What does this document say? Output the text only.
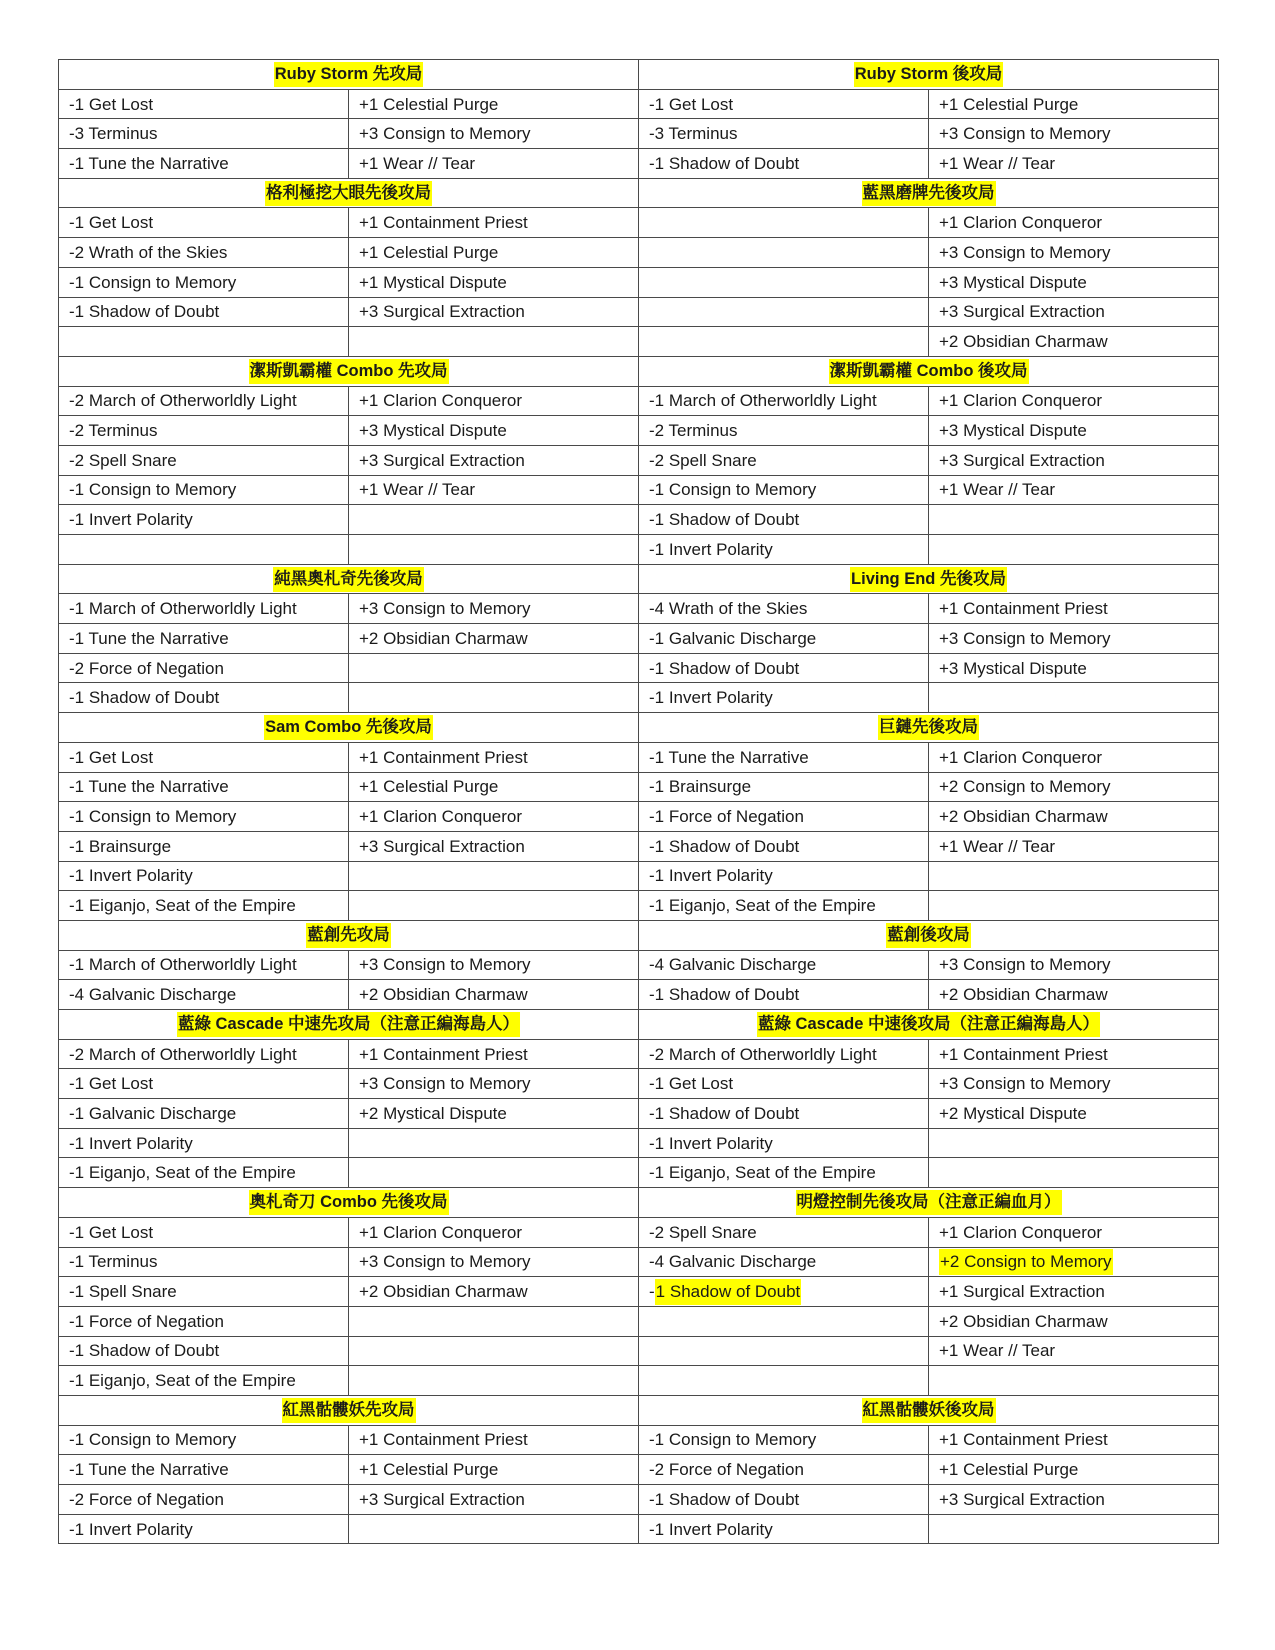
Ruby Storm 先攻局		Ruby Storm 後攻局	
-1 Get Lost	+1 Celestial Purge	-1 Get Lost	+1 Celestial Purge
-3 Terminus	+3 Consign to Memory	-3 Terminus	+3 Consign to Memory
-1 Tune the Narrative	+1 Wear // Tear	-1 Shadow of Doubt	+1 Wear // Tear
格利極挖大眼先後攻局		藍黑磨牌先後攻局	
-1 Get Lost	+1 Containment Priest		+1 Clarion Conqueror
-2 Wrath of the Skies	+1 Celestial Purge		+3 Consign to Memory
-1 Consign to Memory	+1 Mystical Dispute		+3 Mystical Dispute
-1 Shadow of Doubt	+3 Surgical Extraction		+3 Surgical Extraction
			+2 Obsidian Charmaw
潔斯凱霸權 Combo 先攻局		潔斯凱霸權 Combo 後攻局	
-2 March of Otherworldly Light	+1 Clarion Conqueror	-1 March of Otherworldly Light	+1 Clarion Conqueror
-2 Terminus	+3 Mystical Dispute	-2 Terminus	+3 Mystical Dispute
-2 Spell Snare	+3 Surgical Extraction	-2 Spell Snare	+3 Surgical Extraction
-1 Consign to Memory	+1 Wear // Tear	-1 Consign to Memory	+1 Wear // Tear
-1 Invert Polarity		-1 Shadow of Doubt	
		-1 Invert Polarity	
純黑奧札奇先後攻局		Living End 先後攻局	
-1 March of Otherworldly Light	+3 Consign to Memory	-4 Wrath of the Skies	+1 Containment Priest
-1 Tune the Narrative	+2 Obsidian Charmaw	-1 Galvanic Discharge	+3 Consign to Memory
-2 Force of Negation		-1 Shadow of Doubt	+3 Mystical Dispute
-1 Shadow of Doubt		-1 Invert Polarity	
Sam Combo 先後攻局		巨鏈先後攻局	
-1 Get Lost	+1 Containment Priest	-1 Tune the Narrative	+1 Clarion Conqueror
-1 Tune the Narrative	+1 Celestial Purge	-1 Brainsurge	+2 Consign to Memory
-1 Consign to Memory	+1 Clarion Conqueror	-1 Force of Negation	+2 Obsidian Charmaw
-1 Brainsurge	+3 Surgical Extraction	-1 Shadow of Doubt	+1 Wear // Tear
-1 Invert Polarity		-1 Invert Polarity	
-1 Eiganjo, Seat of the Empire		-1 Eiganjo, Seat of the Empire	
藍創先攻局		藍創後攻局	
-1 March of Otherworldly Light	+3 Consign to Memory	-4 Galvanic Discharge	+3 Consign to Memory
-4 Galvanic Discharge	+2 Obsidian Charmaw	-1 Shadow of Doubt	+2 Obsidian Charmaw
藍綠 Cascade 中速先攻局（注意正編海島人）		藍綠 Cascade 中速後攻局（注意正編海島人）	
-2 March of Otherworldly Light	+1 Containment Priest	-2 March of Otherworldly Light	+1 Containment Priest
-1 Get Lost	+3 Consign to Memory	-1 Get Lost	+3 Consign to Memory
-1 Galvanic Discharge	+2 Mystical Dispute	-1 Shadow of Doubt	+2 Mystical Dispute
-1 Invert Polarity		-1 Invert Polarity	
-1 Eiganjo, Seat of the Empire		-1 Eiganjo, Seat of the Empire	
奧札奇刀 Combo 先後攻局		明燈控制先後攻局（注意正編血月）	
-1 Get Lost	+1 Clarion Conqueror	-2 Spell Snare	+1 Clarion Conqueror
-1 Terminus	+3 Consign to Memory	-4 Galvanic Discharge	+2 Consign to Memory
-1 Spell Snare	+2 Obsidian Charmaw	-1 Shadow of Doubt	+1 Surgical Extraction
-1 Force of Negation			+2 Obsidian Charmaw
-1 Shadow of Doubt			+1 Wear // Tear
-1 Eiganjo, Seat of the Empire			
紅黑骷髏妖先攻局		紅黑骷髏妖後攻局	
-1 Consign to Memory	+1 Containment Priest	-1 Consign to Memory	+1 Containment Priest
-1 Tune the Narrative	+1 Celestial Purge	-2 Force of Negation	+1 Celestial Purge
-2 Force of Negation	+3 Surgical Extraction	-1 Shadow of Doubt	+3 Surgical Extraction
-1 Invert Polarity		-1 Invert Polarity	
